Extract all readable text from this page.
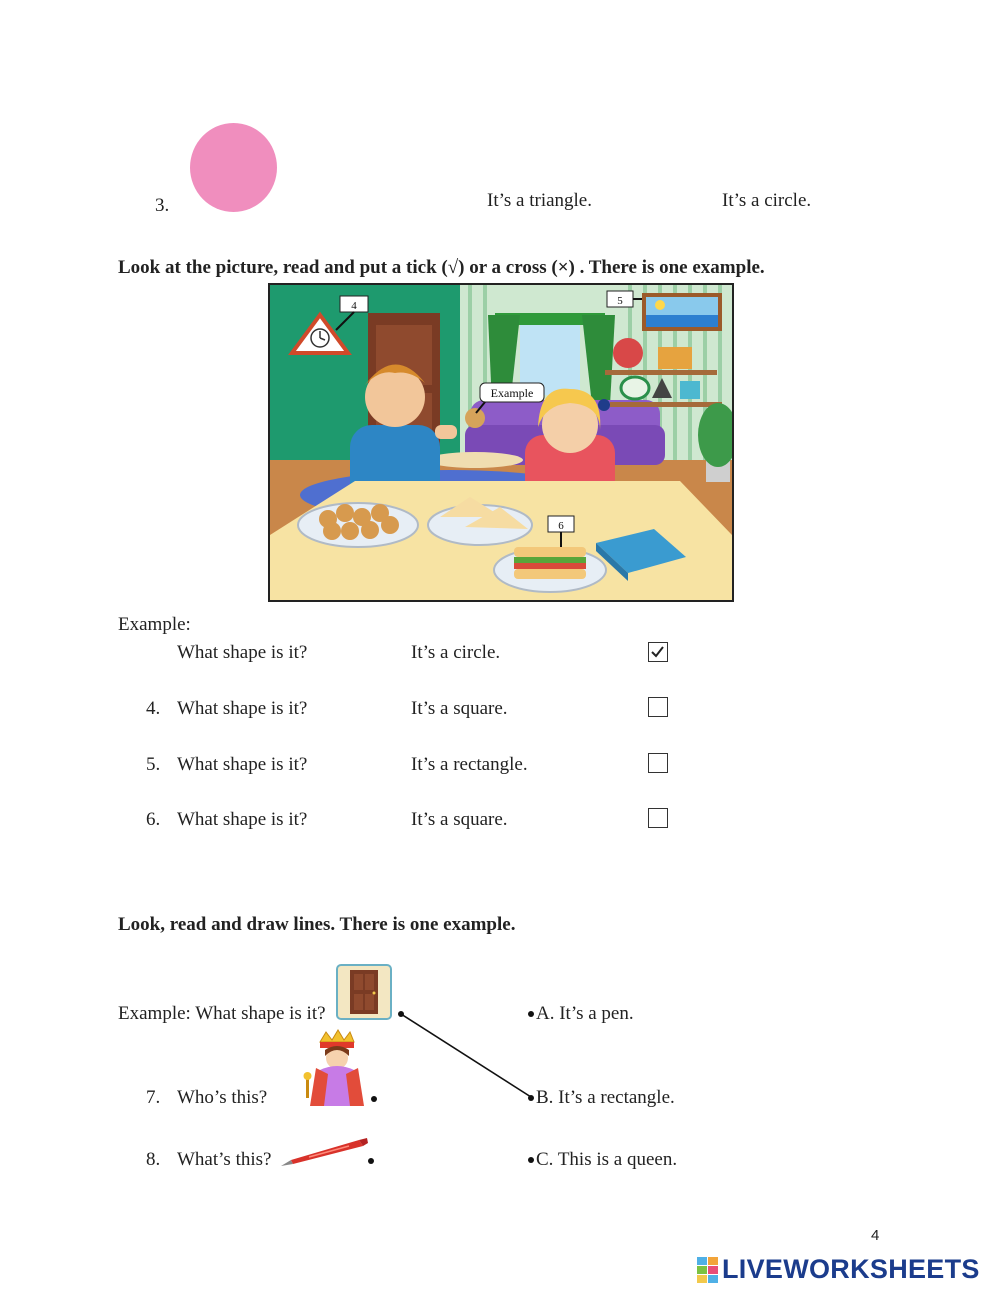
3.	It’s a triangle.	It’s a circle.
Look at the picture, read and put a tick (√) or a cross (×) . There is one example.
4	5
Example
6
Example:
What shape is it?	It’s a circle.
4. What shape is it?	It’s a square.
5. What shape is it?	It’s a rectangle.
6. What shape is it?	It’s a square.
Look, read and draw lines. There is one example.
Example: What shape is it?
7. Who’s this?
8. What’s this?
A. It’s a pen.
B. It’s a rectangle.
C. This is a queen.
4
LIVEWORKSHEETS
